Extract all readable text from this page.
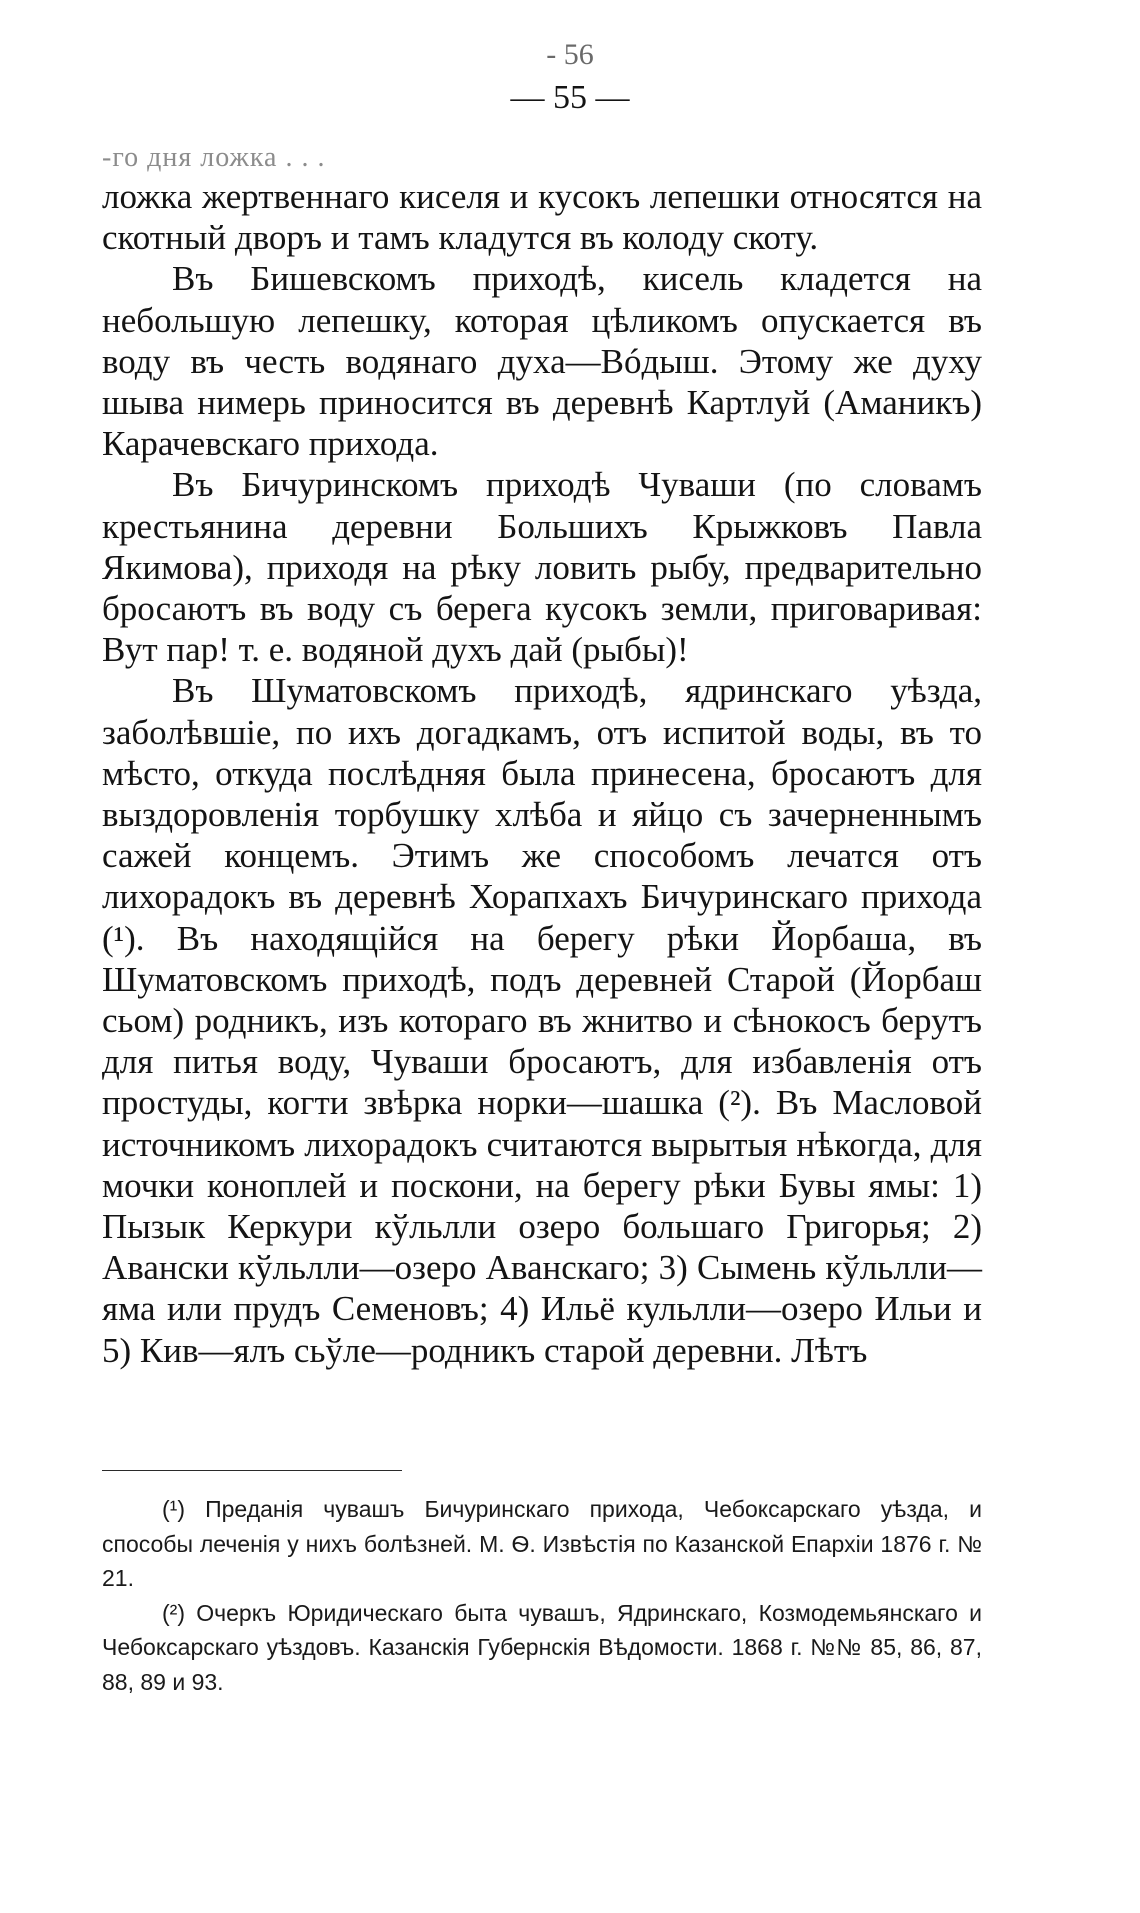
- 56
— 55 —
-го дня ложка . . .

ложка жертвеннаго киселя и кусокъ лепешки относятся на скотный дворъ и тамъ кладутся въ колоду скоту.

Въ Бишевскомъ приходѣ, кисель кладется на небольшую лепешку, которая цѣликомъ опускается въ воду въ честь водянаго духа—Вóдыш. Этому же духу шыва нимерь приносится въ деревнѣ Картлуй (Аманикъ) Карачевскаго прихода.

Въ Бичуринскомъ приходѣ Чуваши (по словамъ крестьянина деревни Большихъ Крыжковъ Павла Якимова), приходя на рѣку ловить рыбу, предварительно бросаютъ въ воду съ берега кусокъ земли, приговаривая: Вут пар! т. е. водяной духъ дай (рыбы)!

Въ Шуматовскомъ приходѣ, ядринскаго уѣзда, заболѣвшіе, по ихъ догадкамъ, отъ испитой воды, въ то мѣсто, откуда послѣдняя была принесена, бросаютъ для выздоровленія торбушку хлѣба и яйцо съ зачерненнымъ сажей концемъ. Этимъ же способомъ лечатся отъ лихорадокъ въ деревнѣ Хорапхахъ Бичуринскаго прихода (¹). Въ находящійся на берегу рѣки Йорбаша, въ Шуматовскомъ приходѣ, подъ деревней Старой (Йорбаш сьом) родникъ, изъ котораго въ жнитво и сѣнокосъ берутъ для питья воду, Чуваши бросаютъ, для избавленія отъ простуды, когти звѣрка норки—шашка (²). Въ Масловой источникомъ лихорадокъ считаются вырытыя нѣкогда, для мочки коноплей и поскони, на берегу рѣки Бувы ямы: 1) Пызык Керкури кўльлли озеро большаго Григорья; 2) Авански кўльлли—озеро Аванскаго; 3) Сымень кўльлли—яма или прудъ Семеновъ; 4) Ильё кульлли—озеро Ильи и 5) Кив—ялъ сьўле—родникъ старой деревни. Лѣтъ

(¹) Преданія чувашъ Бичуринскаго прихода, Чебоксарскаго уѣзда, и способы леченія у нихъ болѣзней. М. Ѳ. Извѣстія по Казанской Епархіи 1876 г. № 21.

(²) Очеркъ Юридическаго быта чувашъ, Ядринскаго, Козмодемьянскаго и Чебоксарскаго уѣздовъ. Казанскія Губернскія Вѣдомости. 1868 г. №№ 85, 86, 87, 88, 89 и 93.
